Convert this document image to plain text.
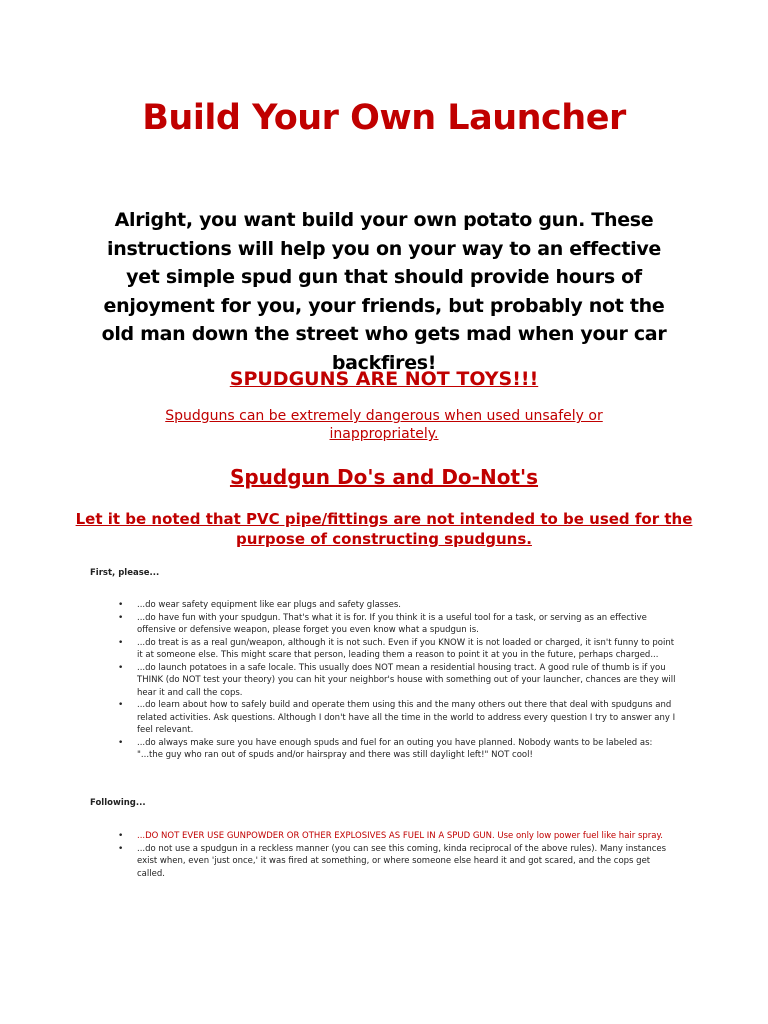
Build Your Own Launcher
Alright, you want build your own potato gun. These instructions will help you on your way to an effective yet simple spud gun that should provide hours of enjoyment for you, your friends, but probably not the old man down the street who gets mad when your car backfires!
SPUDGUNS ARE NOT TOYS!!!
Spudguns can be extremely dangerous when used unsafely or inappropriately.
Spudgun Do's and Do-Not's
Let it be noted that PVC pipe/fittings are not intended to be used for the purpose of constructing spudguns.
First, please...
• ...do wear safety equipment like ear plugs and safety glasses.
• ...do have fun with your spudgun. That's what it is for. If you think it is a useful tool for a task, or serving as an effective offensive or defensive weapon, please forget you even know what a spudgun is.
• ...do treat is as a real gun/weapon, although it is not such. Even if you KNOW it is not loaded or charged, it isn't funny to point it at someone else. This might scare that person, leading them a reason to point it at you in the future, perhaps charged...
• ...do launch potatoes in a safe locale. This usually does NOT mean a residential housing tract. A good rule of thumb is if you THINK (do NOT test your theory) you can hit your neighbor's house with something out of your launcher, chances are they will hear it and call the cops.
• ...do learn about how to safely build and operate them using this and the many others out there that deal with spudguns and related activities. Ask questions. Although I don't have all the time in the world to address every question I try to answer any I feel relevant.
• ...do always make sure you have enough spuds and fuel for an outing you have planned. Nobody wants to be labeled as: "...the guy who ran out of spuds and/or hairspray and there was still daylight left!" NOT cool!
Following...
• ...DO NOT EVER USE GUNPOWDER OR OTHER EXPLOSIVES AS FUEL IN A SPUD GUN. Use only low power fuel like hair spray.
• ...do not use a spudgun in a reckless manner (you can see this coming, kinda reciprocal of the above rules). Many instances exist when, even 'just once,' it was fired at something, or where someone else heard it and got scared, and the cops get called.
